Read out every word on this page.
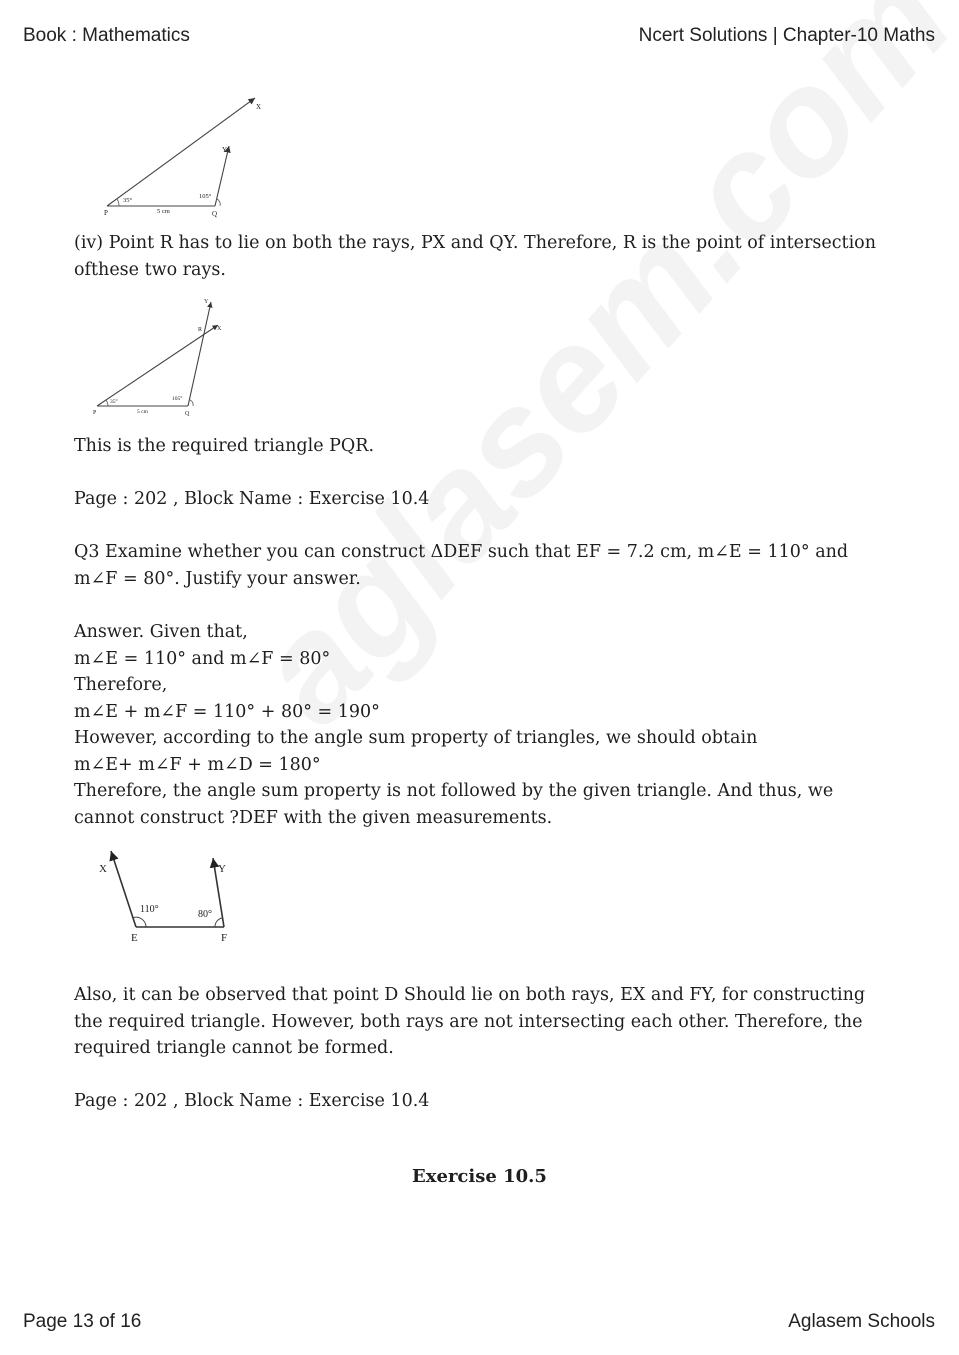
Book : Mathematics	Ncert Solutions | Chapter-10 Maths
P	Q
X
Y
35°
105°
5 cm

(iv) Point R has to lie on both the rays, PX and QY. Therefore, R is the point of intersection ofthese two rays.

P	Q
R X
Y
35°	105°
5 cm

This is the required triangle PQR.

Page : 202 , Block Name : Exercise 10.4

Q3 Examine whether you can construct ΔDEF such that EF = 7.2 cm, m∠E = 110° and m∠F = 80°. Justify your answer.

Answer. Given that,
m∠E = 110° and m∠F = 80°
Therefore,
m∠E + m∠F = 110° + 80° = 190°
However, according to the angle sum property of triangles, we should obtain
m∠E+ m∠F + m∠D = 180°
Therefore, the angle sum property is not followed by the given triangle. And thus, we cannot construct ?DEF with the given measurements.
X	Y
E	F
110°	80°

Also, it can be observed that point D Should lie on both rays, EX and FY, for constructing the required triangle. However, both rays are not intersecting each other. Therefore, the required triangle cannot be formed.

Page : 202 , Block Name : Exercise 10.4

Exercise 10.5
Page 13 of 16	Aglasem Schools
